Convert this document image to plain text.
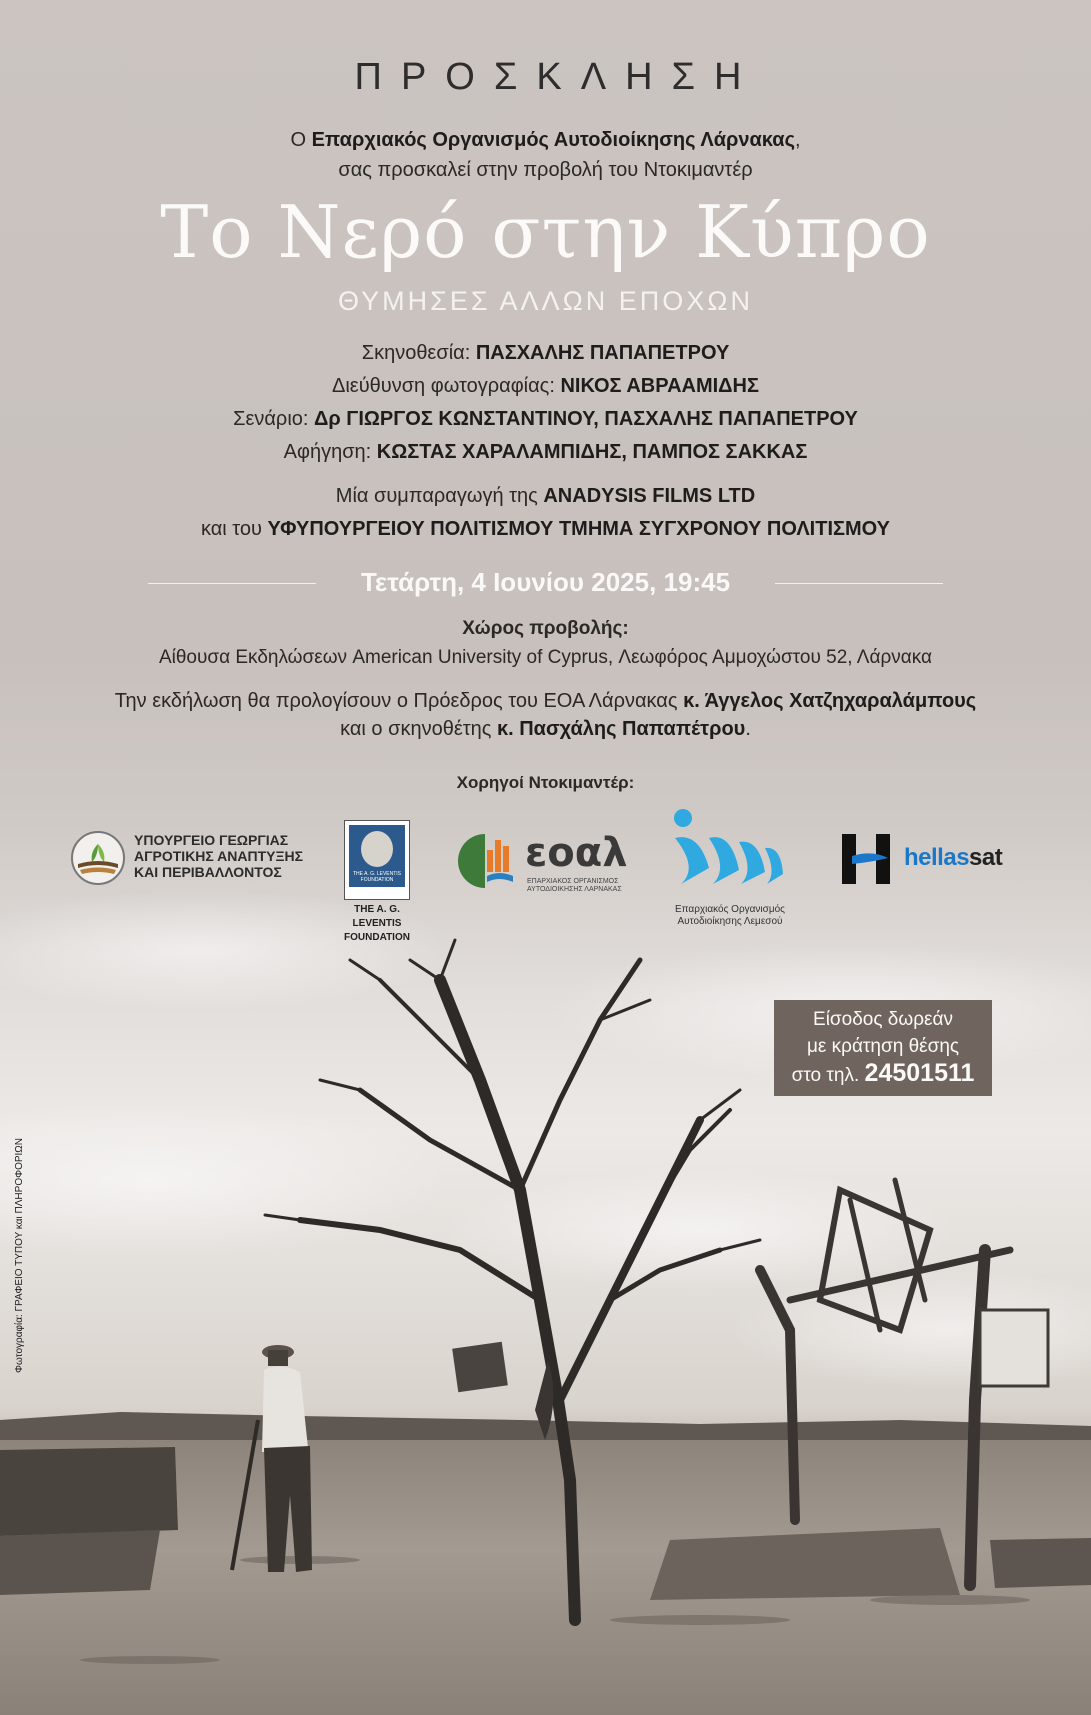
ΠΡΟΣΚΛΗΣΗ
Ο Επαρχιακός Οργανισμός Αυτοδιοίκησης Λάρνακας,
σας προσκαλεί στην προβολή του Ντοκιμαντέρ
Το Νερό στην Κύπρο
ΘΥΜΗΣΕΣ ΑΛΛΩΝ ΕΠΟΧΩΝ
Σκηνοθεσία: ΠΑΣΧΑΛΗΣ ΠΑΠΑΠΕΤΡΟΥ
Διεύθυνση φωτογραφίας: ΝΙΚΟΣ ΑΒΡΑΑΜΙΔΗΣ
Σενάριο: Δρ ΓΙΩΡΓΟΣ ΚΩΝΣΤΑΝΤΙΝΟΥ, ΠΑΣΧΑΛΗΣ ΠΑΠΑΠΕΤΡΟΥ
Αφήγηση: ΚΩΣΤΑΣ ΧΑΡΑΛΑΜΠΙΔΗΣ, ΠΑΜΠΟΣ ΣΑΚΚΑΣ
Μία συμπαραγωγή της ANADYSIS FILMS LTD
και του ΥΦΥΠΟΥΡΓΕΙΟΥ ΠΟΛΙΤΙΣΜΟΥ ΤΜΗΜΑ ΣΥΓΧΡΟΝΟΥ ΠΟΛΙΤΙΣΜΟΥ
Τετάρτη, 4 Ιουνίου 2025, 19:45
Χώρος προβολής:
Αίθουσα Εκδηλώσεων American University of Cyprus, Λεωφόρος Αμμοχώστου 52, Λάρνακα
Την εκδήλωση θα προλογίσουν ο Πρόεδρος του ΕΟΑ Λάρνακας κ. Άγγελος Χατζηχαραλάμπους
και ο σκηνοθέτης κ. Πασχάλης Παπαπέτρου.
Χορηγοί Ντοκιμαντέρ:
ΥΠΟΥΡΓΕΙΟ ΓΕΩΡΓΙΑΣ
ΑΓΡΟΤΙΚΗΣ ΑΝΑΠΤΥΞΗΣ
ΚΑΙ ΠΕΡΙΒΑΛΛΟΝΤΟΣ	THE A. G. LEVENTIS
FOUNDATION
THE A. G. LEVENTIS
FOUNDATION
εοαλ
ΕΠΑΡΧΙΑΚΟΣ ΟΡΓΑΝΙΣΜΟΣ
ΑΥΤΟΔΙΟΙΚΗΣΗΣ ΛΑΡΝΑΚΑΣ
Επαρχιακός Οργανισμός
Αυτοδιοίκησης Λεμεσού
hellassat
Είσοδος δωρεάν
με κράτηση θέσης
στο τηλ. 24501511
Φωτογραφία: ΓΡΑΦΕΙΟ ΤΥΠΟΥ και ΠΛΗΡΟΦΟΡΙΩΝ
